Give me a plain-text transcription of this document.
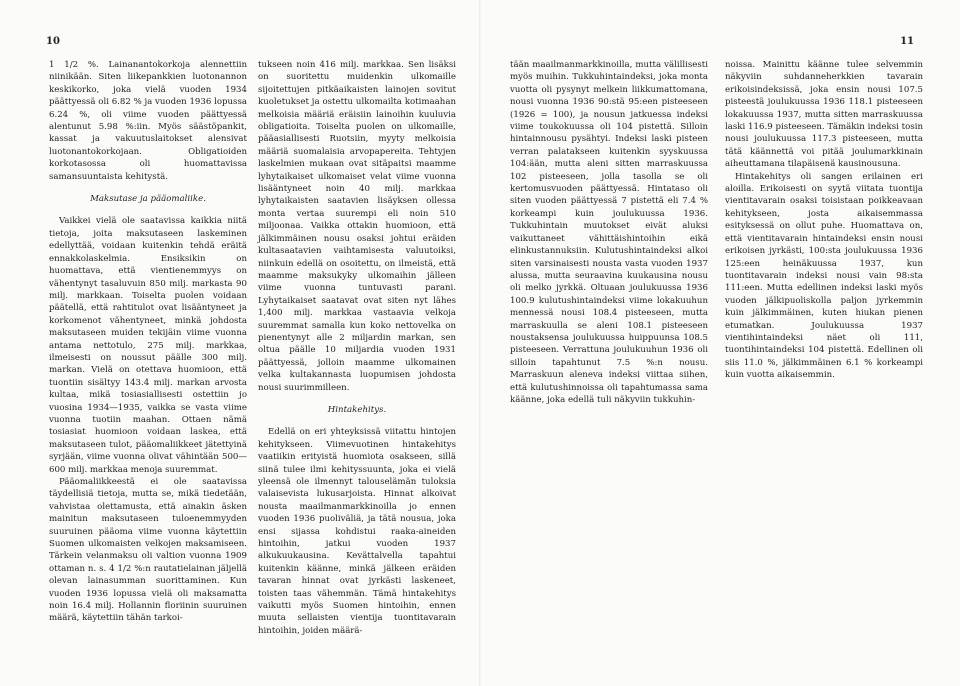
10

1 1/2 %. Lainanantokorkoja alennettiin niinikään. Siten liikepankkien luotonannon keskikorko, joka vielä vuoden 1934 päättyessä oli 6.82 % ja vuoden 1936 lopussa 6.24 %, oli viime vuoden päättyessä alentunut 5.98 %:iin. Myös säästöpankit, kassat ja vakuutuslaitokset alensivat luotonantokorkojaan. Obligatioiden korkotasossa oli huomattavissa samansuuntaista kehitystä.

Maksutase ja pääomaliike.

Vaikkei vielä ole saatavissa kaikkia niitä tietoja, joita maksutaseen laskeminen edellyttää, voidaan kuitenkin tehdä eräitä ennakkolaskelmia. Ensiksikin on huomattava, että vientienemmyys on vähentynyt tasaluvuin 850 milj. markasta 90 milj. markkaan. Toiselta puolen voidaan päätellä, että rahtitulot ovat lisääntyneet ja korkomenot vähentyneet, minkä johdosta maksutaseen muiden tekijäin viime vuonna antama nettotulo, 275 milj. markkaa, ilmeisesti on noussut päälle 300 milj. markan. Vielä on otettava huomioon, että tuontiin sisältyy 143.4 milj. markan arvosta kultaa, mikä tosiasiallisesti ostettiin jo vuosina 1934—1935, vaikka se vasta viime vuonna tuotiin maahan. Ottaen nämä tosiasiat huomioon voidaan laskea, että maksutaseen tulot, pääomaliikkeet jätettyinä syrjään, viime vuonna olivat vähintään 500—600 milj. markkaa menoja suuremmat.

Pääomaliikkeestä ei ole saatavissa täydellisiä tietoja, mutta se, mikä tiedetään, vahvistaa olettamusta, että ainakin äsken mainitun maksutaseen tuloenemmyyden suuruinen pääoma viime vuonna käytettiin Suomen ulkomaisten velkojen maksamiseen. Tärkein velanmaksu oli valtion vuonna 1909 ottaman n. s. 4 1/2 %:n rautatielainan jäljellä olevan lainasumman suorittaminen. Kun vuoden 1936 lopussa vielä oli maksamatta noin 16.4 milj. Hollannin floriinin suuruinen määrä, käytettiin tähän tarkoi-

tukseen noin 416 milj. markkaa. Sen lisäksi on suoritettu muidenkin ulkomaille sijoitettujen pitkäaikaisten lainojen sovitut kuoletukset ja ostettu ulkomailta kotimaahan melkoisia määriä eräisiin lainoihin kuuluvia obligatioita. Toiselta puolen on ulkomaille, pääasiallisesti Ruotsiin, myyty melkoisia määriä suomalaisia arvopapereita. Tehtyjen laskelmien mukaan ovat sitäpaitsi maamme lyhytaikaiset ulkomaiset velat viime vuonna lisääntyneet noin 40 milj. markkaa lyhytaikaisten saatavien lisäyksen ollessa monta vertaa suurempi eli noin 510 miljoonaa. Vaikka ottakin huomioon, että jälkimmäinen nousu osaksi johtui eräiden kultasaatavien vaihtamisesta valuutoiksi, niinkuin edellä on osoitettu, on ilmeistä, että maamme maksukyky ulkomaihin jälleen viime vuonna tuntuvasti parani. Lyhytaikaiset saatavat ovat siten nyt lähes 1,400 milj. markkaa vastaavia velkoja suuremmat samalla kun koko nettovelka on pienentynyt alle 2 miljardin markan, sen oltua päälle 10 miljardia vuoden 1931 päättyessä, jolloin maamme ulkomainen velka kultakannasta luopumisen johdosta nousi suurimmilleen.

Hintakehitys.

Edellä on eri yhteyksissä viitattu hintojen kehitykseen. Viimevuotinen hintakehitys vaatiikin erityistä huomiota osakseen, sillä siinä tulee ilmi kehityssuunta, joka ei vielä yleensä ole ilmennyt talouselämän tuloksia valaisevista lukusarjoista. Hinnat alkoivat nousta maailmanmarkkinoilla jo ennen vuoden 1936 puoliväliä, ja tätä nousua, joka ensi sijassa kohdistui raaka-aineiden hintoihin, jatkui vuoden 1937 alkukuukausina. Kevättalvella tapahtui kuitenkin käänne, minkä jälkeen eräiden tavaran hinnat ovat jyrkästi laskeneet, toisten taas vähemmän. Tämä hintakehitys vaikutti myös Suomen hintoihin, ennen muuta sellaisten vientija tuontitavarain hintoihin, joiden määrä-

11

tään maailmanmarkkinoilla, mutta välillisesti myös muihin. Tukkuhintaindeksi, joka monta vuotta oli pysynyt melkein liikkumattomana, nousi vuonna 1936 90:stä 95:een pisteeseen (1926 = 100), ja nousun jatkuessa indeksi viime toukokuussa oli 104 pistettä. Silloin hintainnousu pysähtyi. Indeksi laski pisteen verran palatakseen kuitenkin syyskuussa 104:ään, mutta aleni sitten marraskuussa 102 pisteeseen, jolla tasolla se oli kertomusvuoden päättyessä. Hintataso oli siten vuoden päättyessä 7 pistettä eli 7.4 % korkeampi kuin joulukuussa 1936. Tukkuhintain muutokset eivät aluksi vaikuttaneet vähittäishintoihin eikä elinkustannuksiin. Kulutushintaindeksi alkoi siten varsinaisesti nousta vasta vuoden 1937 alussa, mutta seuraavina kuukausina nousu oli melko jyrkkä. Oltuaan joulukuussa 1936 100.9 kulutushintaindeksi viime lokakuuhun mennessä nousi 108.4 pisteeseen, mutta marraskuulla se aleni 108.1 pisteeseen noustaksensa joulukuussa huippuunsa 108.5 pisteeseen. Verrattuna joulukuuhun 1936 oli silloin tapahtunut 7.5 %:n nousu. Marraskuun aleneva indeksi viittaa siihen, että kulutushinnoissa oli tapahtumassa sama käänne, joka edellä tuli näkyviin tukkuhin-

noissa. Mainittu käänne tulee selvemmin näkyviin suhdanneherkkien tavarain erikoisindeksissä, joka ensin nousi 107.5 pisteestä joulukuussa 1936 118.1 pisteeseen lokakuussa 1937, mutta sitten marraskuussa laski 116.9 pisteeseen. Tämäkin indeksi tosin nousi joulukuussa 117.3 pisteeseen, mutta tätä käännettä voi pitää joulumarkkinain aiheuttamana tilapäisenä kausinousuna.

Hintakehitys oli sangen erilainen eri aloilla. Erikoisesti on syytä viitata tuontija vientitavarain osaksi toisistaan poikkeavaan kehitykseen, josta aikaisemmassa esityksessä on ollut puhe. Huomattava on, että vientitavarain hintaindeksi ensin nousi erikoisen jyrkästi, 100:sta joulukuussa 1936 125:een heinäkuussa 1937, kun tuontitavarain indeksi nousi vain 98:sta 111:een. Mutta edellinen indeksi laski myös vuoden jälkipuoliskolla paljon jyrkemmin kuin jälkimmäinen, kuten hiukan pienen etumatkan. Joulukuussa 1937 vientihintaindeksi näet oli 111, tuontihintaindeksi 104 pistettä. Edellinen oli siis 11.0 %, jälkimmäinen 6.1 % korkeampi kuin vuotta aikaisemmin.
